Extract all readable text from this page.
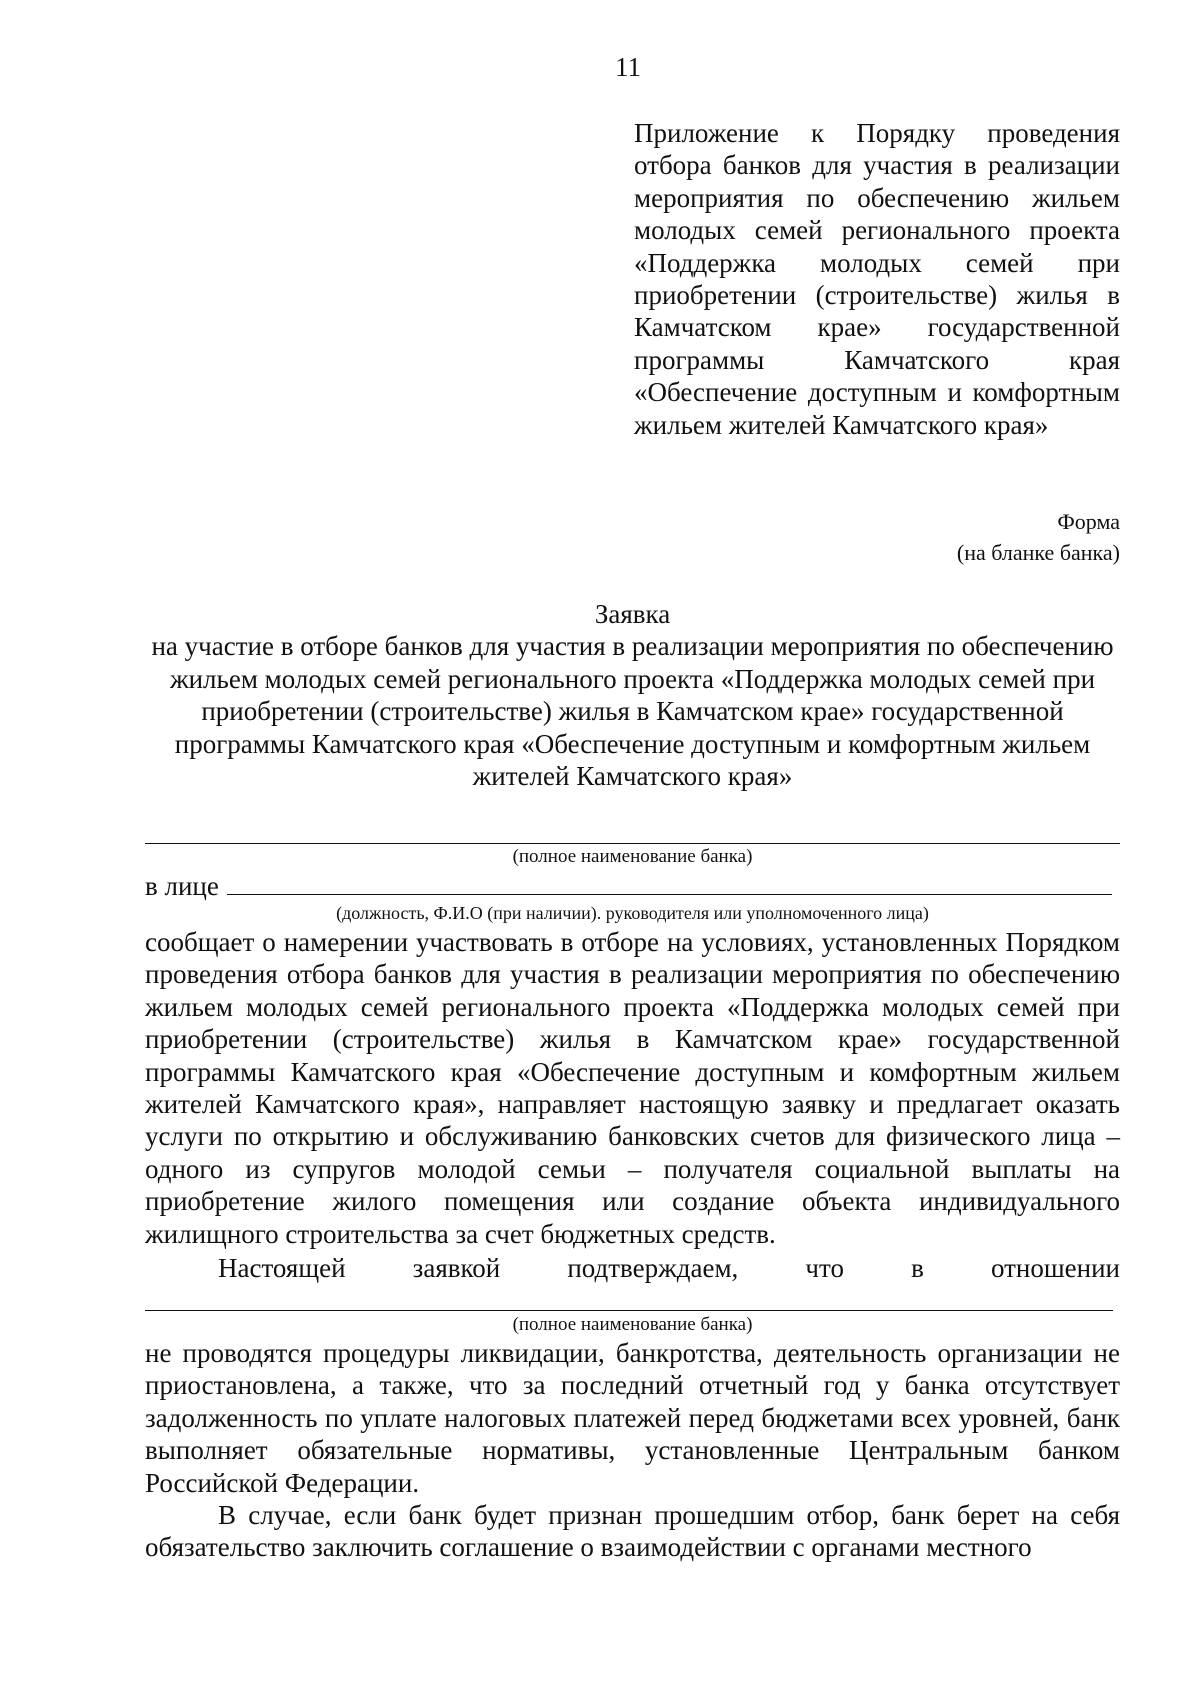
11
Приложение к Порядку проведения отбора банков для участия в реализации мероприятия по обеспечению жильем молодых семей регионального проекта «Поддержка молодых семей при приобретении (строительстве) жилья в Камчатском крае» государственной программы Камчатского края «Обеспечение доступным и комфортным жильем жителей Камчатского края»
Форма
(на бланке банка)
Заявка
на участие в отборе банков для участия в реализации мероприятия по обеспечению жильем молодых семей регионального проекта «Поддержка молодых семей при приобретении (строительстве) жилья в Камчатском крае» государственной программы Камчатского края «Обеспечение доступным и комфортным жильем жителей Камчатского края»
(полное наименование банка)
в лице
(должность, Ф.И.О (при наличии). руководителя или уполномоченного лица)

сообщает о намерении участвовать в отборе на условиях, установленных Порядком проведения отбора банков для участия в реализации мероприятия по обеспечению жильем молодых семей регионального проекта «Поддержка молодых семей при приобретении (строительстве) жилья в Камчатском крае» государственной программы Камчатского края «Обеспечение доступным и комфортным жильем жителей Камчатского края», направляет настоящую заявку и предлагает оказать услуги по открытию и обслуживанию банковских счетов для физического лица – одного из супругов молодой семьи – получателя социальной выплаты на приобретение жилого помещения или создание объекта индивидуального жилищного строительства за счет бюджетных средств.

Настоящей заявкой подтверждаем, что в отношении

(полное наименование банка)

не проводятся процедуры ликвидации, банкротства, деятельность организации не приостановлена, а также, что за последний отчетный год у банка отсутствует задолженность по уплате налоговых платежей перед бюджетами всех уровней, банк выполняет обязательные нормативы, установленные Центральным банком Российской Федерации.

В случае, если банк будет признан прошедшим отбор, банк берет на себя обязательство заключить соглашение о взаимодействии с органами местного
